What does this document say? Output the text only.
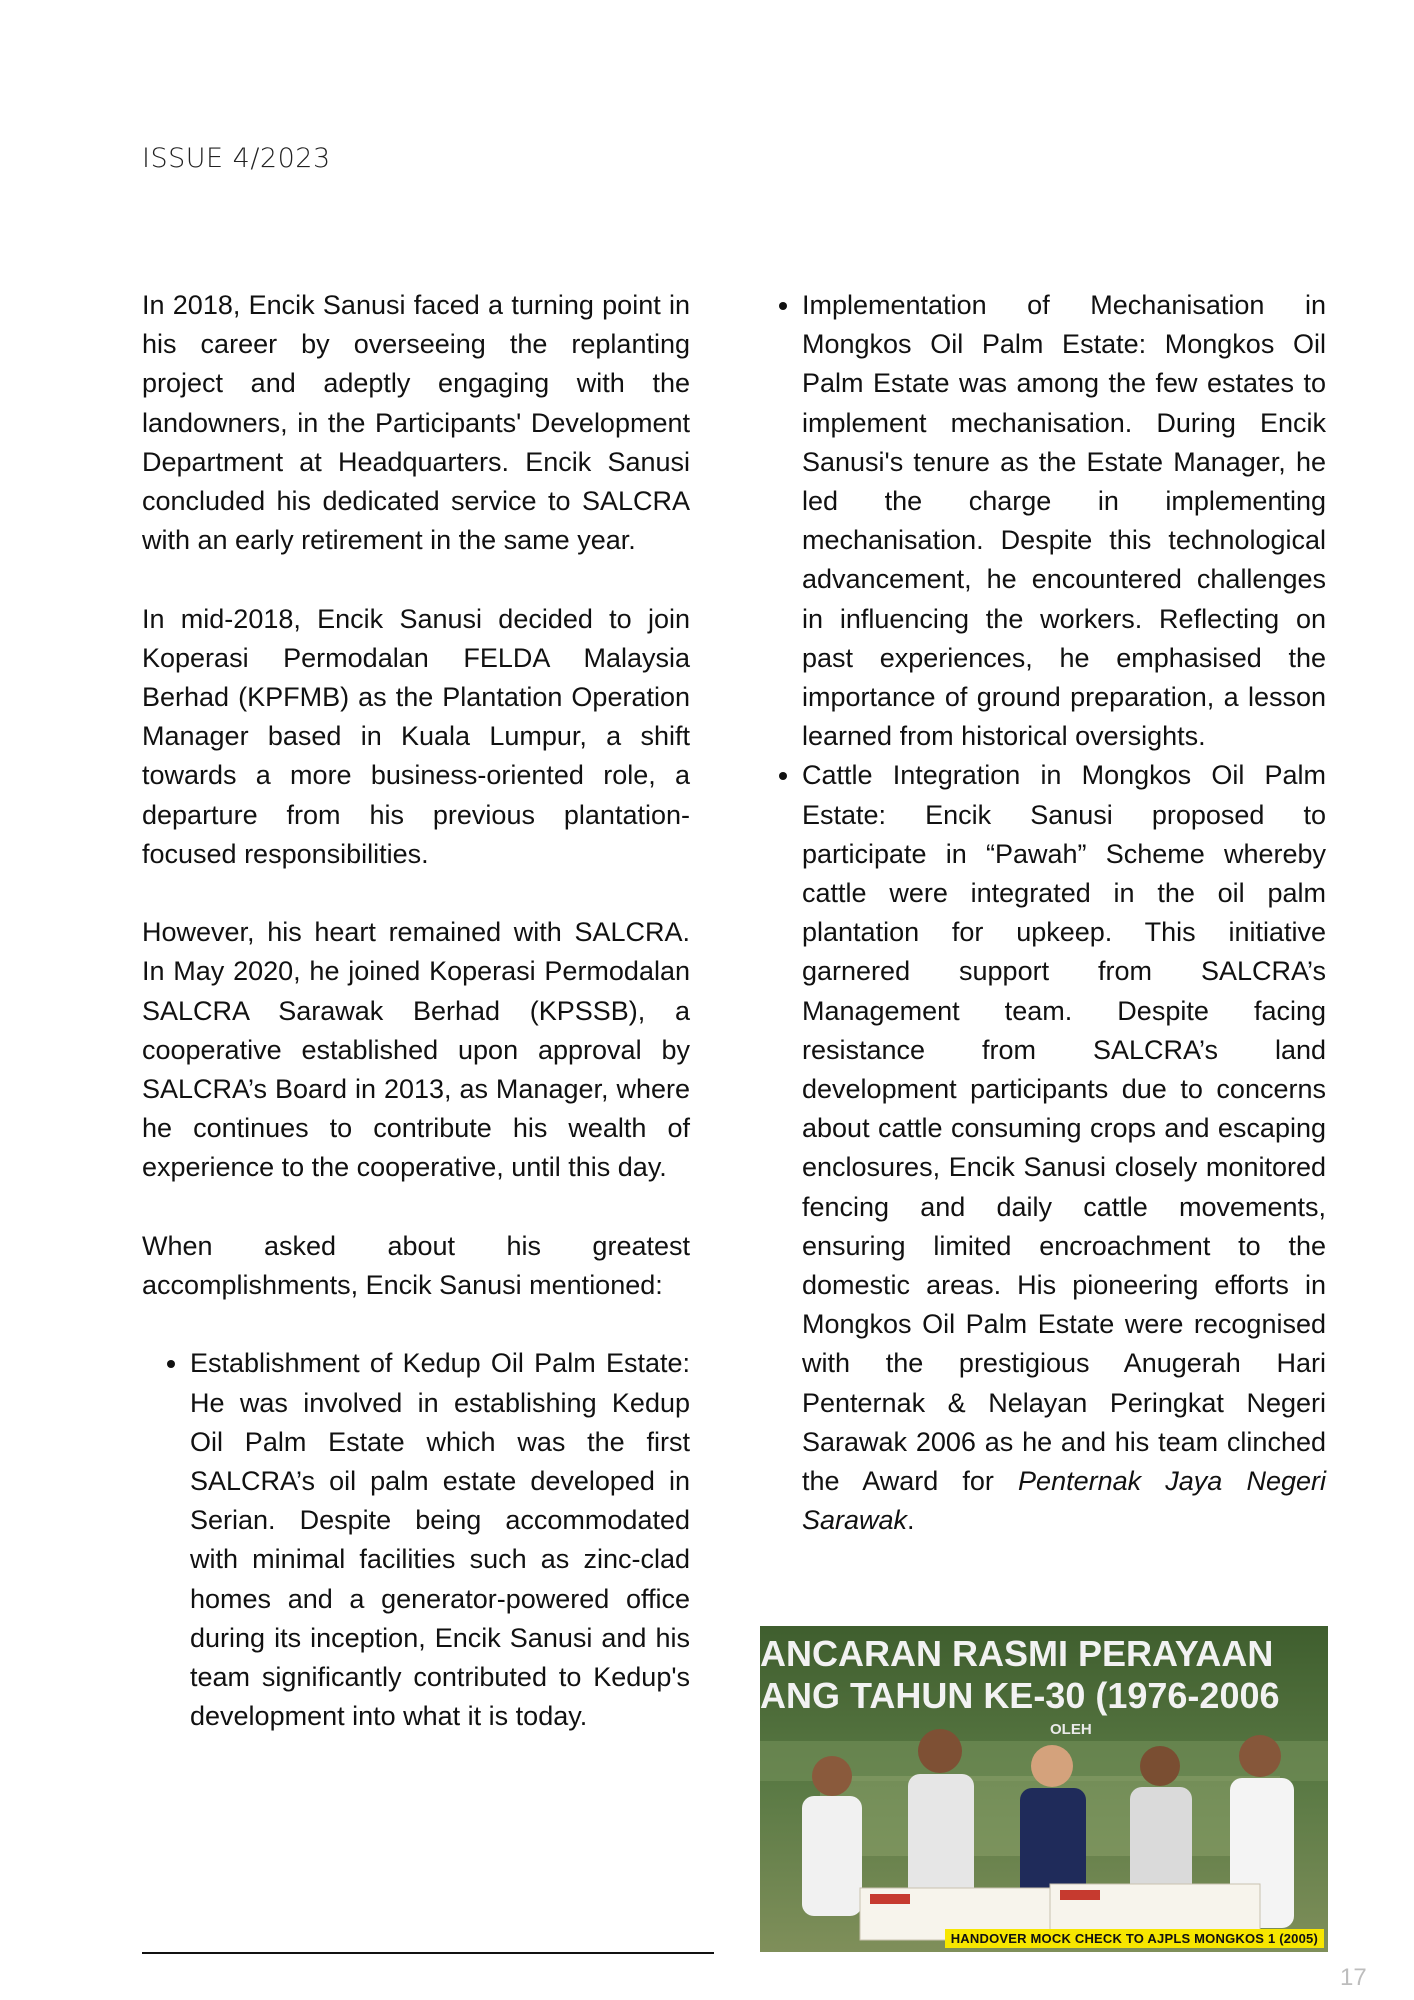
ISSUE 4/2023

In 2018, Encik Sanusi faced a turning point in his career by overseeing the replanting project and adeptly engaging with the landowners, in the Participants' Development Department at Headquarters. Encik Sanusi concluded his dedicated service to SALCRA with an early retirement in the same year.

In mid-2018, Encik Sanusi decided to join Koperasi Permodalan FELDA Malaysia Berhad (KPFMB) as the Plantation Operation Manager based in Kuala Lumpur, a shift towards a more business-oriented role, a departure from his previous plantation-focused responsibilities.

However, his heart remained with SALCRA. In May 2020, he joined Koperasi Permodalan SALCRA Sarawak Berhad (KPSSB), a cooperative established upon approval by SALCRA’s Board in 2013, as Manager, where he continues to contribute his wealth of experience to the cooperative, until this day.

When asked about his greatest accomplishments, Encik Sanusi mentioned:

• Establishment of Kedup Oil Palm Estate: He was involved in establishing Kedup Oil Palm Estate which was the first SALCRA’s oil palm estate developed in Serian. Despite being accommodated with minimal facilities such as zinc-clad homes and a generator-powered office during its inception, Encik Sanusi and his team significantly contributed to Kedup's development into what it is today.
• Implementation of Mechanisation in Mongkos Oil Palm Estate: Mongkos Oil Palm Estate was among the few estates to implement mechanisation. During Encik Sanusi's tenure as the Estate Manager, he led the charge in implementing mechanisation. Despite this technological advancement, he encountered challenges in influencing the workers. Reflecting on past experiences, he emphasised the importance of ground preparation, a lesson learned from historical oversights.
• Cattle Integration in Mongkos Oil Palm Estate: Encik Sanusi proposed to participate in “Pawah” Scheme whereby cattle were integrated in the oil palm plantation for upkeep. This initiative garnered support from SALCRA’s Management team. Despite facing resistance from SALCRA’s land development participants due to concerns about cattle consuming crops and escaping enclosures, Encik Sanusi closely monitored fencing and daily cattle movements, ensuring limited encroachment to the domestic areas. His pioneering efforts in Mongkos Oil Palm Estate were recognised with the prestigious Anugerah Hari Penternak & Nelayan Peringkat Negeri Sarawak 2006 as he and his team clinched the Award for Penternak Jaya Negeri Sarawak.
ANCARAN RASMI PERAYAAN
ANG TAHUN KE-30 (1976-2006
OLEH
HANDOVER MOCK CHECK TO AJPLS MONGKOS 1 (2005)
17
